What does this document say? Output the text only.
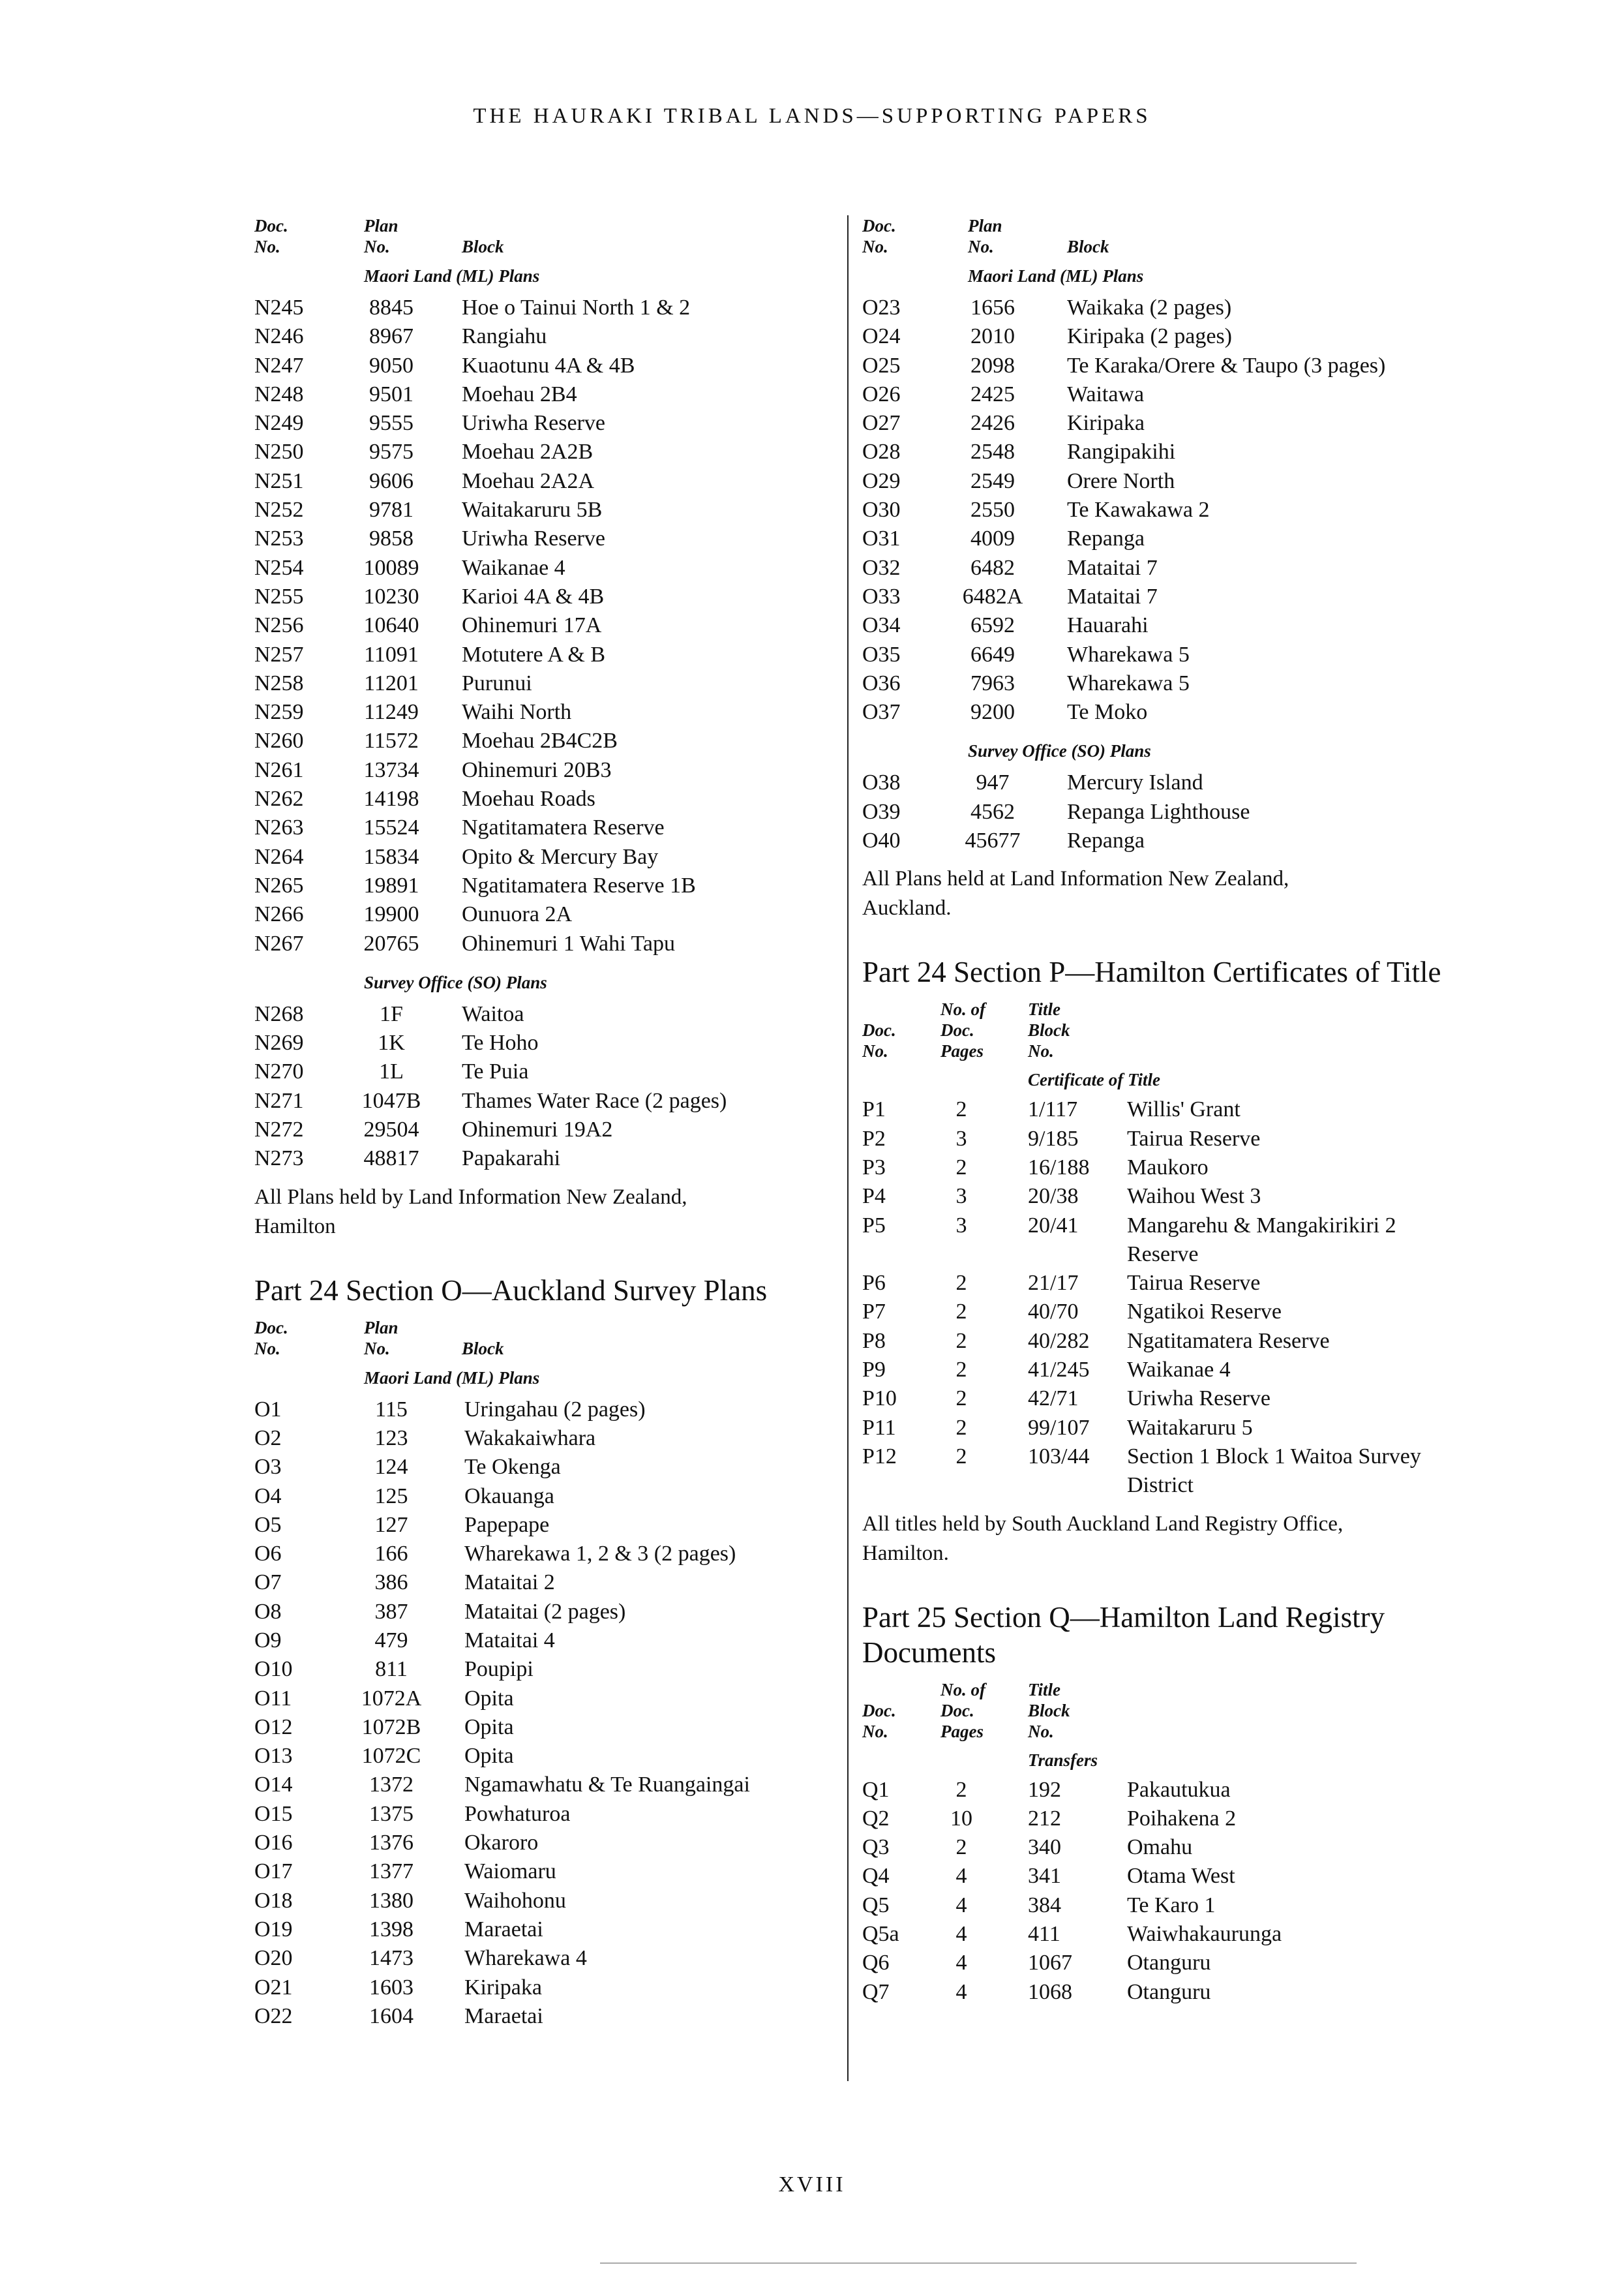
THE HAURAKI TRIBAL LANDS—SUPPORTING PAPERS
Doc.
No.
Plan
No.	Block
Maori Land (ML) Plans
N245	8845	Hoe o Tainui North 1 & 2
N246	8967	Rangiahu
N247	9050	Kuaotunu 4A & 4B
N248	9501	Moehau 2B4
N249	9555	Uriwha Reserve
N250	9575	Moehau 2A2B
N251	9606	Moehau 2A2A
N252	9781	Waitakaruru 5B
N253	9858	Uriwha Reserve
N254	10089	Waikanae 4
N255	10230	Karioi 4A & 4B
N256	10640	Ohinemuri 17A
N257	11091	Motutere A & B
N258	11201	Purunui
N259	11249	Waihi North
N260	11572	Moehau 2B4C2B
N261	13734	Ohinemuri 20B3
N262	14198	Moehau Roads
N263	15524	Ngatitamatera Reserve
N264	15834	Opito & Mercury Bay
N265	19891	Ngatitamatera Reserve 1B
N266	19900	Ounuora 2A
N267	20765	Ohinemuri 1 Wahi Tapu
Survey Office (SO) Plans
N268	1F	Waitoa
N269	1K	Te Hoho
N270	1L	Te Puia
N271	1047B	Thames Water Race (2 pages)
N272	29504	Ohinemuri 19A2
N273	48817	Papakarahi
All Plans held by Land Information New Zealand, Hamilton
Part 24 Section O—Auckland Survey Plans
Doc.
No.
Plan
No.	Block
Maori Land (ML) Plans
O1	115	Uringahau (2 pages)
O2	123	Wakakaiwhara
O3	124	Te Okenga
O4	125	Okauanga
O5	127	Papepape
O6	166	Wharekawa 1, 2 & 3 (2 pages)
O7	386	Mataitai 2
O8	387	Mataitai (2 pages)
O9	479	Mataitai 4
O10	811	Poupipi
O11	1072A	Opita
O12	1072B	Opita
O13	1072C	Opita
O14	1372	Ngamawhatu & Te Ruangaingai
O15	1375	Powhaturoa
O16	1376	Okaroro
O17	1377	Waiomaru
O18	1380	Waihohonu
O19	1398	Maraetai
O20	1473	Wharekawa 4
O21	1603	Kiripaka
O22	1604	Maraetai
Doc.
No.
Plan
No.	Block
Maori Land (ML) Plans
O23	1656	Waikaka (2 pages)
O24	2010	Kiripaka (2 pages)
O25	2098	Te Karaka/Orere & Taupo (3 pages)
O26	2425	Waitawa
O27	2426	Kiripaka
O28	2548	Rangipakihi
O29	2549	Orere North
O30	2550	Te Kawakawa 2
O31	4009	Repanga
O32	6482	Mataitai 7
O33	6482A	Mataitai 7
O34	6592	Hauarahi
O35	6649	Wharekawa 5
O36	7963	Wharekawa 5
O37	9200	Te Moko
Survey Office (SO) Plans
O38	947	Mercury Island
O39	4562	Repanga Lighthouse
O40	45677	Repanga
All Plans held at Land Information New Zealand, Auckland.
Part 24 Section P—Hamilton Certificates of Title
No. of
Doc.	Doc.
No.	Pages
Title
Block
No.
Certificate of Title
P1	2	1/117 Willis' Grant
P2	3	9/185 Tairua Reserve
P3	2	16/188 Maukoro
P4	3	20/38 Waihou West 3
P5	3	20/41 Mangarehu & Mangakirikiri 2 Reserve
P6	2	21/17 Tairua Reserve
P7	2	40/70 Ngatikoi Reserve
P8	2	40/282 Ngatitamatera Reserve
P9	2	41/245 Waikanae 4
P10	2	42/71 Uriwha Reserve
P11	2	99/107 Waitakaruru 5
P12	2	103/44 Section 1 Block 1 Waitoa Survey District
All titles held by South Auckland Land Registry Office, Hamilton.
Part 25 Section Q—Hamilton Land Registry Documents
No. of
Doc.	Doc.
No.	Pages
Title
Block
No.
Transfers
Q1	2	192	Pakautukua
Q2	10	212	Poihakena 2
Q3	2	340	Omahu
Q4	4	341	Otama West
Q5	4	384	Te Karo 1
Q5a	4	411	Waiwhakaurunga
Q6	4	1067 Otanguru
Q7	4	1068 Otanguru
XVIII
